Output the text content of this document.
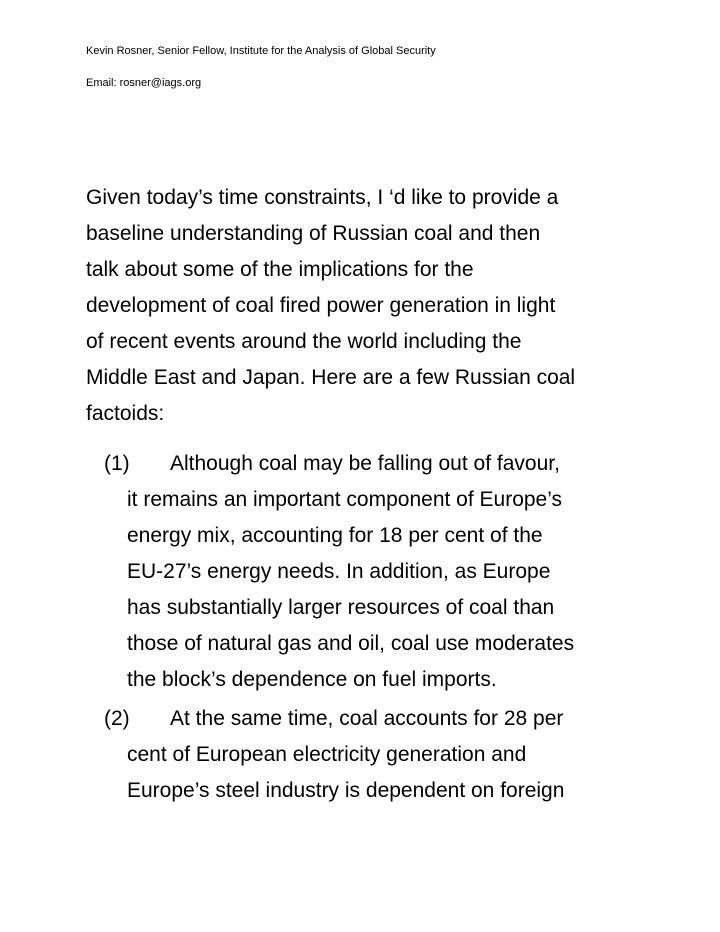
Kevin Rosner, Senior Fellow, Institute for the Analysis of Global Security
Email: rosner@iags.org
Given today’s time constraints, I ‘d like to provide a
baseline understanding of Russian coal and then
talk about some of the implications for the
development of coal fired power generation in light
of recent events around the world including the
Middle East and Japan. Here are a few Russian coal
factoids:
(1) Although coal may be falling out of favour,
it remains an important component of Europe’s
energy mix, accounting for 18 per cent of the
EU-27’s energy needs. In addition, as Europe
has substantially larger resources of coal than
those of natural gas and oil, coal use moderates
the block’s dependence on fuel imports.
(2) At the same time, coal accounts for 28 per
cent of European electricity generation and
Europe’s steel industry is dependent on foreign
